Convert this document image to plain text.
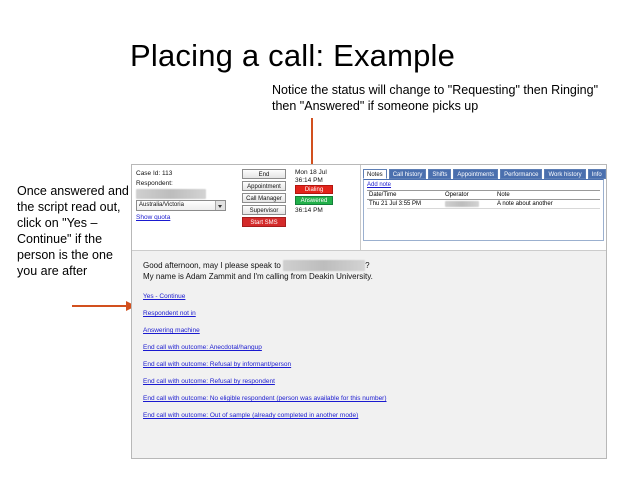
Placing a call: Example
Notice the status will change to "Requesting" then Ringing" then "Answered" if someone picks up
Once answered and the script read out, click on "Yes – Continue" if the person is the one you are after
Case Id: 113
Respondent:

Australia/Victoria
Show quota
End
Appointment
Call Manager
Supervisor
Start SMS
Mon 18 Jul
36:14 PM
Dialing
Answered
36:14 PM
Notes	Call history	Shifts	Appointments	Performance	Work history	Info
Add note
Date/Time	Operator	Note
Thu 21 Jul 3:55 PM		A note about another
Good afternoon, may I please speak to	?
My name is Adam Zammit and I'm calling from Deakin University.
Yes - Continue
Respondent not in
Answering machine
End call with outcome: Anecdotal/hangup
End call with outcome: Refusal by informant/person
End call with outcome: Refusal by respondent
End call with outcome: No eligible respondent (person was available for this number)
End call with outcome: Out of sample (already completed in another mode)
